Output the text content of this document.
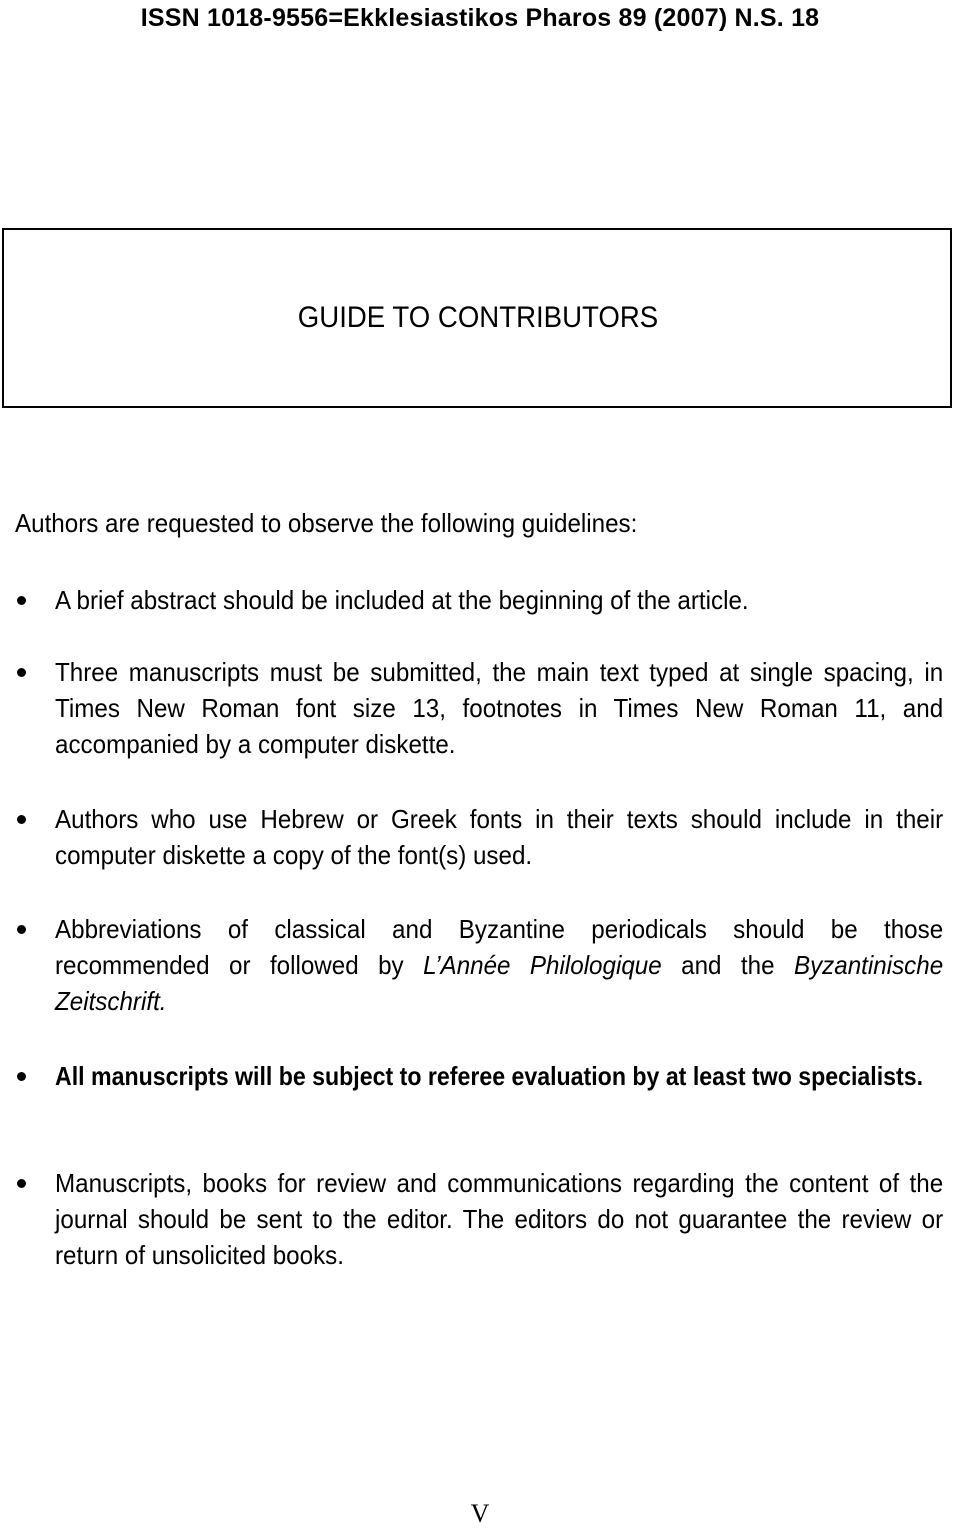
ISSN 1018-9556=Ekklesiastikos Pharos 89 (2007) N.S. 18
GUIDE TO CONTRIBUTORS
Authors are requested to observe the following guidelines:
A brief abstract should be included at the beginning of the article.
Three manuscripts must be submitted, the main text typed at single spacing, in Times New Roman font size 13, footnotes in Times New Roman 11, and accompanied by a computer diskette.
Authors who use Hebrew or Greek fonts in their texts should include in their computer diskette a copy of the font(s) used.
Abbreviations of classical and Byzantine periodicals should be those recommended or followed by L’Année Philologique and the Byzantinische Zeitschrift.
All manuscripts will be subject to referee evaluation by at least two specialists.
Manuscripts, books for review and communications regarding the content of the journal should be sent to the editor. The editors do not guarantee the review or return of unsolicited books.
V
